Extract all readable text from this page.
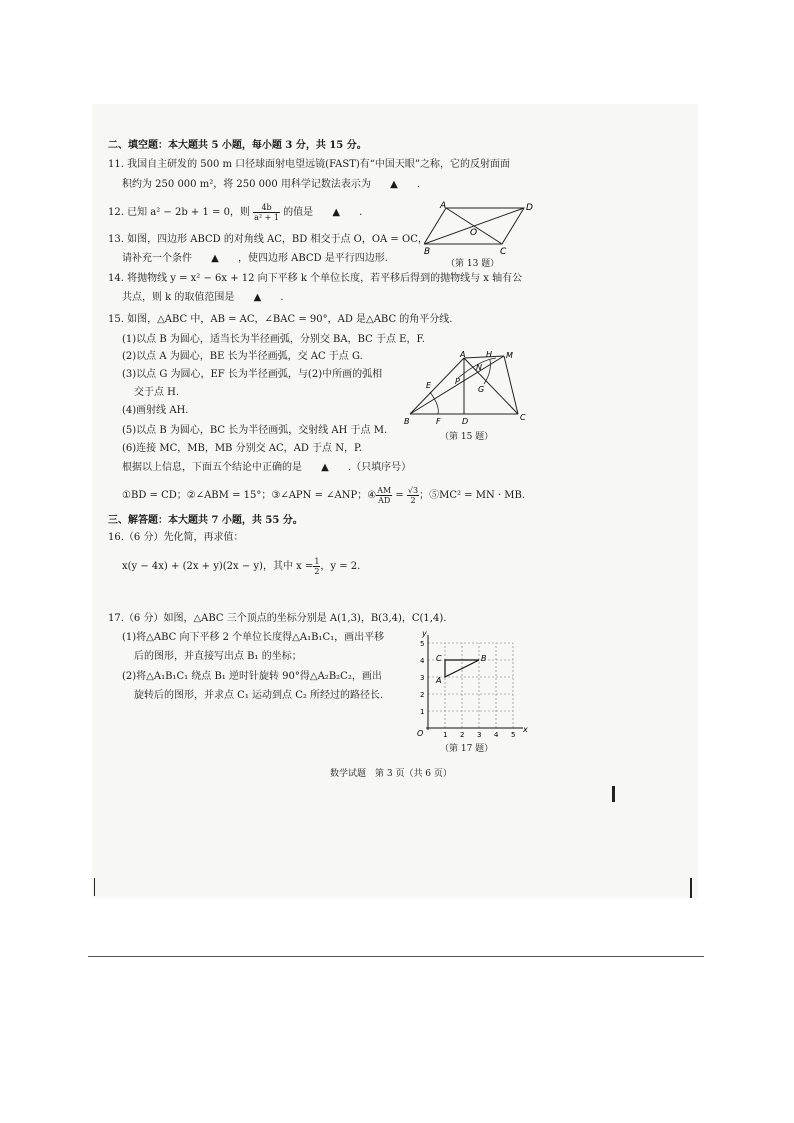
二、填空题：本大题共 5 小题，每小题 3 分，共 15 分。
11. 我国自主研发的 500 m 口径球面射电望远镜(FAST)有“中国天眼”之称，它的反射面面
积约为 250 000 m²，将 250 000 用科学记数法表示为 ▲ .
12. 已知 a² − 2b + 1 = 0，则 $\frac{4b}{\text{a² + 1}}$ 的值是 ▲ .
13. 如图，四边形 ABCD 的对角线 AC，BD 相交于点 O，OA = OC，
请补充一个条件 ▲ ，使四边形 ABCD 是平行四边形.
A	D
B	C
O
（第 13 题）
14. 将抛物线 y = x² − 6x + 12 向下平移 k 个单位长度，若平移后得到的抛物线与 x 轴有公
共点，则 k 的取值范围是 ▲ .
15. 如图，△ABC 中，AB = AC，∠BAC = 90°，AD 是△ABC 的角平分线.
(1)以点 B 为圆心，适当长为半径画弧，分别交 BA，BC 于点 E，F.
(2)以点 A 为圆心，BE 长为半径画弧，交 AC 于点 G.
(3)以点 G 为圆心，EF 长为半径画弧，与(2)中所画的弧相
交于点 H.
(4)画射线 AH.
(5)以点 B 为圆心，BC 长为半径画弧，交射线 AH 于点 M.
(6)连接 MC，MB，MB 分别交 AC，AD 于点 N，P.
根据以上信息，下面五个结论中正确的是 ▲ .（只填序号）
①BD = CD；②∠ABM = 15°；③∠APN = ∠ANP；④ $\frac{AM}{AD} = \frac{√3}{2}$ ；⑤MC² = MN · MB.
A	H M
N
P
E	G
B	F	D	C
（第 15 题）
三、解答题：本大题共 7 小题，共 55 分。
16.（6 分）先化简，再求值：
x(y − 4x) + (2x + y)(2x − y)，其中 $x = \frac{1}{2}$ ，y = 2.
17.（6 分）如图，△ABC 三个顶点的坐标分别是 A(1,3)，B(3,4)，C(1,4).
(1)将△ABC 向下平移 2 个单位长度得△A₁B₁C₁，画出平移
后的图形，并直接写出点 B₁ 的坐标；
(2)将△A₁B₁C₁ 绕点 B₁ 逆时针旋转 90°得△A₂B₂C₂，画出
旋转后的图形，并求点 C₁ 运动到点 C₂ 所经过的路径长.
y
x
O	1 2 3 4 5
1
2
3
4
5
A
B
C
（第 17 题）
数学试题　第 3 页（共 6 页）
